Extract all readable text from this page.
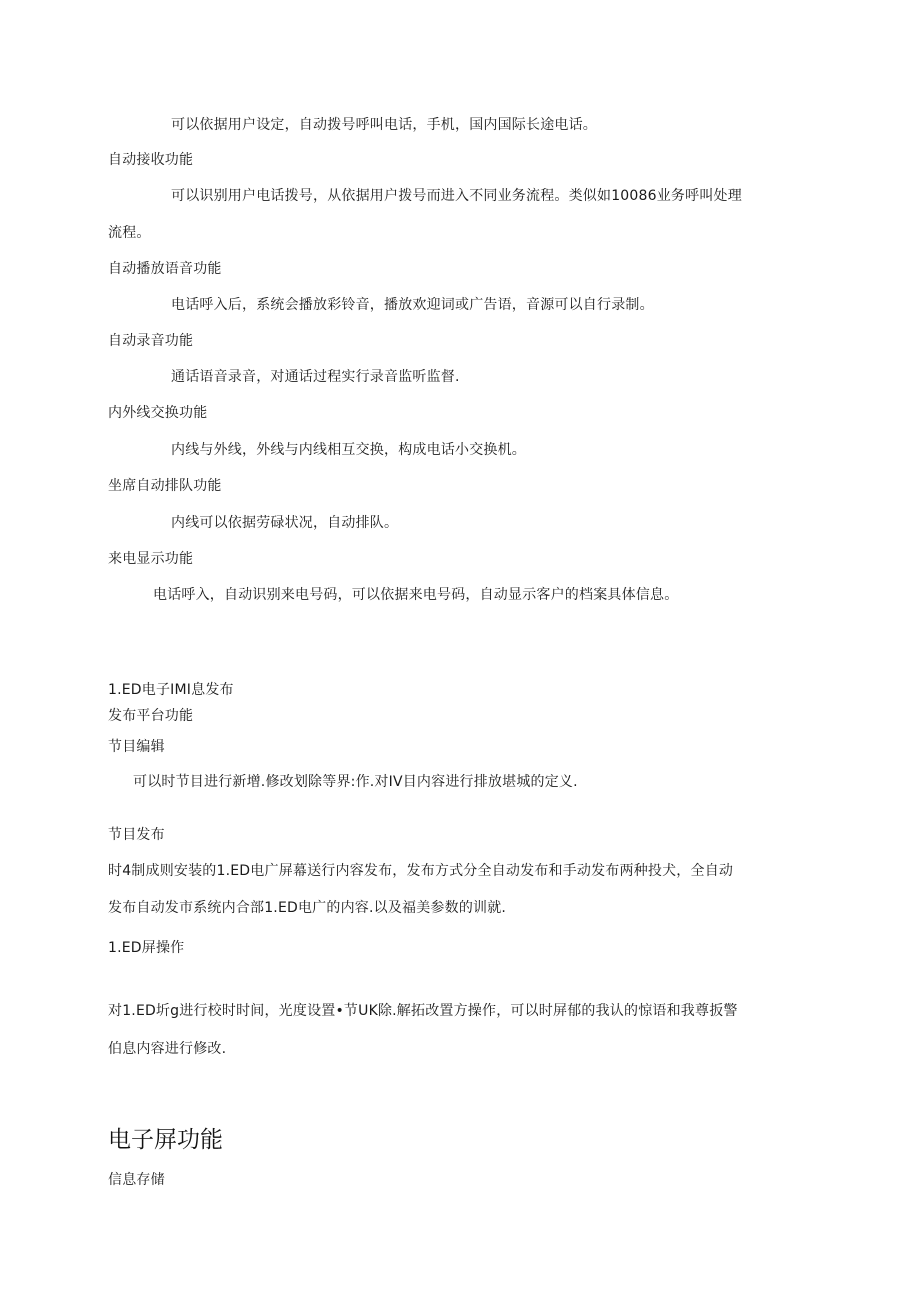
可以依据用户设定，自动拨号呼叫电话，手机，国内国际长途电话。
自动接收功能
可以识别用户电话拨号，从依据用户拨号而进入不同业务流程。类似如10086业务呼叫处理
流程。
自动播放语音功能
电话呼入后，系统会播放彩铃音，播放欢迎词或广告语，音源可以自行录制。
自动录音功能
通话语音录音，对通话过程实行录音监听监督.
内外线交换功能
内线与外线，外线与内线相互交换，构成电话小交换机。
坐席自动排队功能
内线可以依据劳碌状况，自动排队。
来电显示功能
电话呼入，自动识别来电号码，可以依据来电号码，自动显示客户的档案具体信息。
1.ED电子IMI息发布
发布平台功能
节目编辑
可以时节目进行新增.修改划除等界:作.对IV目内容进行排放堪城的定义.
节目发布
时4制成则安装的1.ED电广屏幕送行内容发布，发布方式分全自动发布和手动发布两种投犬，全自动
发布自动发市系统内合部1.ED电广的内容.以及福美参数的训就.
1.ED屏操作
对1.ED圻g进行校时时间，光度设置•节UK除.解拓改置方操作，可以时屏郁的我认的惊语和我尊扳警
伯息内容进行修改.
电子屏功能
信息存储
